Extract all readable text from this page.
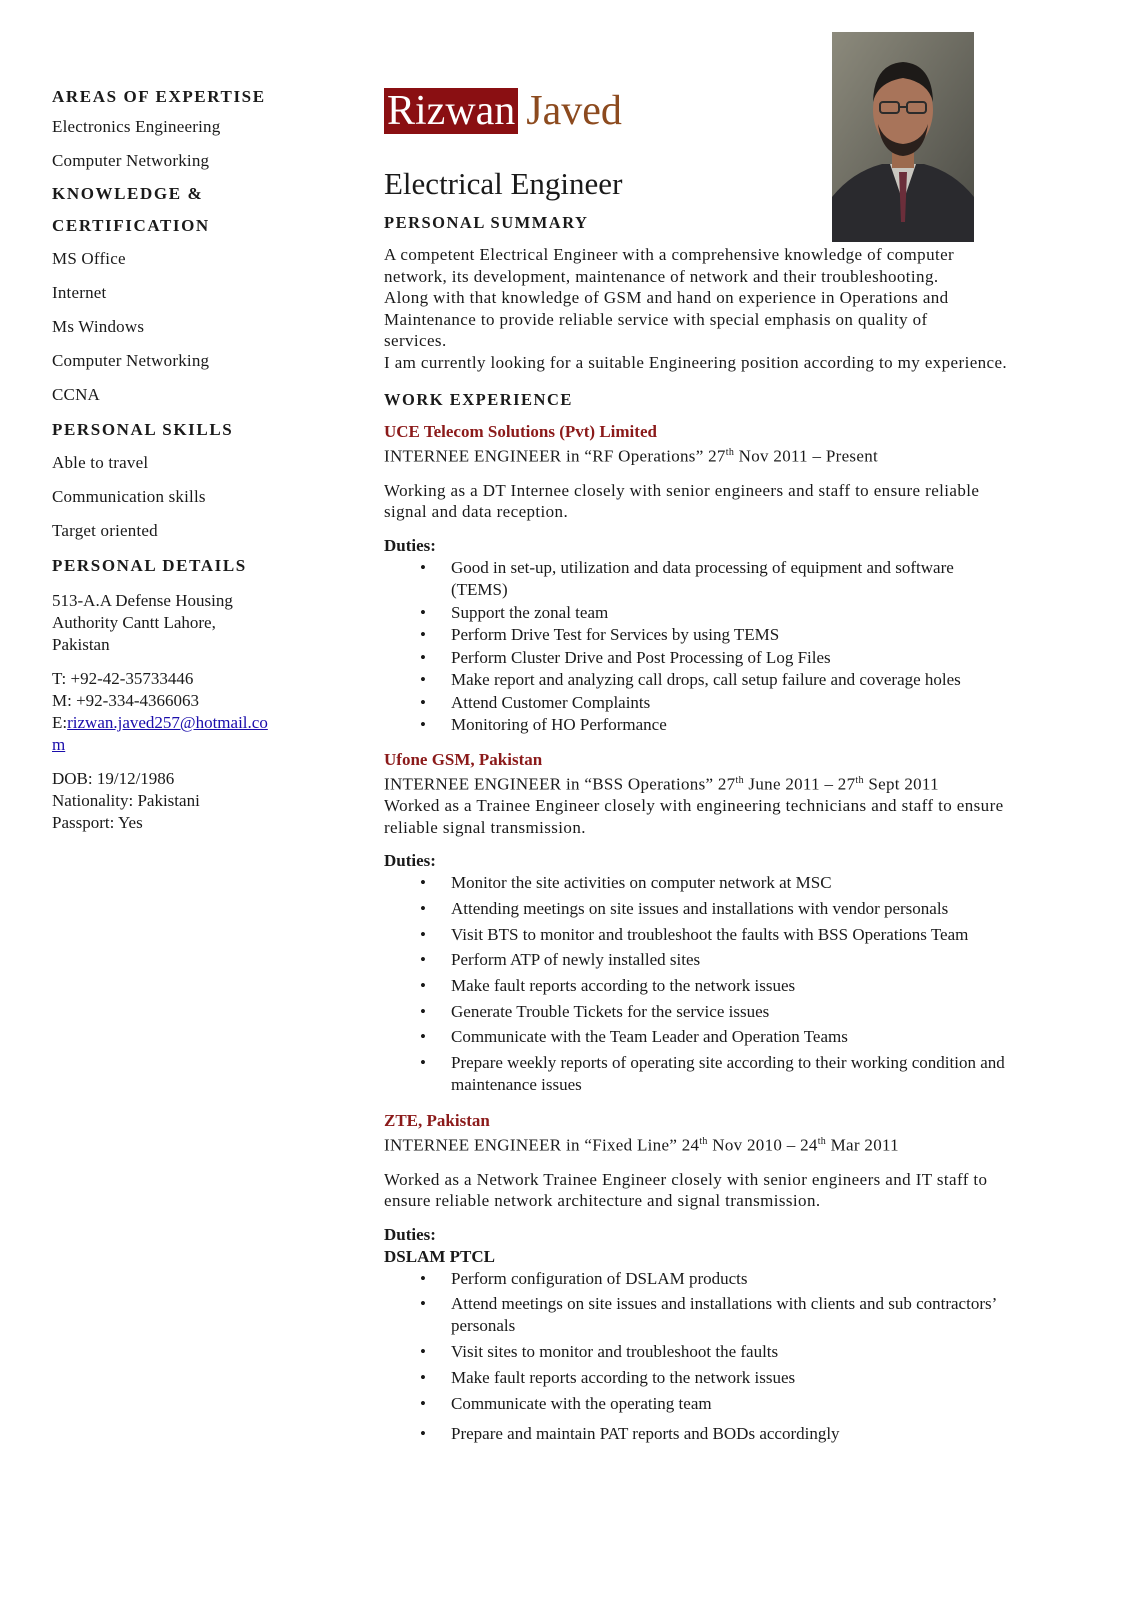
AREAS OF EXPERTISE
Electronics Engineering
Computer Networking
KNOWLEDGE &
CERTIFICATION
MS Office
Internet
Ms Windows
Computer Networking
CCNA
PERSONAL SKILLS
Able to travel
Communication skills
Target oriented
PERSONAL DETAILS
513-A.A Defense Housing
Authority Cantt Lahore,
Pakistan
T: +92-42-35733446
M: +92-334-4366063
E:rizwan.javed257@hotmail.co
m
DOB: 19/12/1986
Nationality: Pakistani
Passport: Yes
Rizwan Javed
Electrical Engineer
PERSONAL SUMMARY
A competent Electrical Engineer with a comprehensive knowledge of computer
network, its development, maintenance of network and their troubleshooting.
Along with that knowledge of GSM and hand on experience in Operations and
Maintenance to provide reliable service with special emphasis on quality of
services.
I am currently looking for a suitable Engineering position according to my experience.
WORK EXPERIENCE
UCE Telecom Solutions (Pvt) Limited
INTERNEE ENGINEER in “RF Operations” 27th Nov 2011 – Present
Working as a DT Internee closely with senior engineers and staff to ensure reliable
signal and data reception.
Duties:
• Good in set-up, utilization and data processing of equipment and software
(TEMS)
• Support the zonal team
• Perform Drive Test for Services by using TEMS
• Perform Cluster Drive and Post Processing of Log Files
• Make report and analyzing call drops, call setup failure and coverage holes
• Attend Customer Complaints
• Monitoring of HO Performance
Ufone GSM, Pakistan
INTERNEE ENGINEER in “BSS Operations” 27th June 2011 – 27th Sept 2011
Worked as a Trainee Engineer closely with engineering technicians and staff to ensure
reliable signal transmission.
Duties:
• Monitor the site activities on computer network at MSC
• Attending meetings on site issues and installations with vendor personals
• Visit BTS to monitor and troubleshoot the faults with BSS Operations Team
• Perform ATP of newly installed sites
• Make fault reports according to the network issues
• Generate Trouble Tickets for the service issues
• Communicate with the Team Leader and Operation Teams
• Prepare weekly reports of operating site according to their working condition and
maintenance issues
ZTE, Pakistan
INTERNEE ENGINEER in “Fixed Line” 24th Nov 2010 – 24th Mar 2011
Worked as a Network Trainee Engineer closely with senior engineers and IT staff to
ensure reliable network architecture and signal transmission.
Duties:
DSLAM PTCL
• Perform configuration of DSLAM products
• Attend meetings on site issues and installations with clients and sub contractors’
personals
• Visit sites to monitor and troubleshoot the faults
• Make fault reports according to the network issues
• Communicate with the operating team
• Prepare and maintain PAT reports and BODs accordingly
